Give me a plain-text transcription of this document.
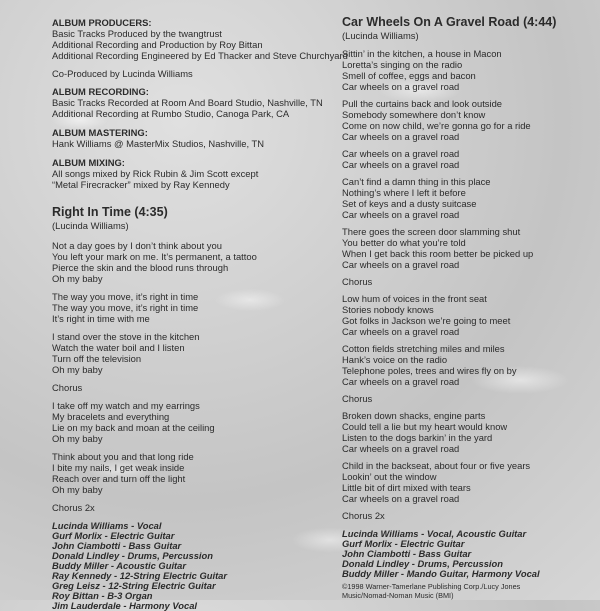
ALBUM PRODUCERS:
Basic Tracks Produced by the twangtrust
Additional Recording and Production by Roy Bittan
Additional Recording Engineered by Ed Thacker and Steve Churchyard
Co-Produced by Lucinda Williams
ALBUM RECORDING:
Basic Tracks Recorded at Room And Board Studio, Nashville, TN
Additional Recording at Rumbo Studio, Canoga Park, CA
ALBUM MASTERING:
Hank Williams @ MasterMix Studios, Nashville, TN
ALBUM MIXING:
All songs mixed by Rick Rubin & Jim Scott except
“Metal Firecracker” mixed by Ray Kennedy
Right In Time (4:35)
(Lucinda Williams)
Not a day goes by I don’t think about you
You left your mark on me. It’s permanent, a tattoo
Pierce the skin and the blood runs through
Oh my baby
The way you move, it’s right in time
The way you move, it’s right in time
It’s right in time with me
I stand over the stove in the kitchen
Watch the water boil and I listen
Turn off the television
Oh my baby
Chorus
I take off my watch and my earrings
My bracelets and everything
Lie on my back and moan at the ceiling
Oh my baby
Think about you and that long ride
I bite my nails, I get weak inside
Reach over and turn off the light
Oh my baby
Chorus 2x
Lucinda Williams - Vocal
Gurf Morlix - Electric Guitar
John Ciambotti - Bass Guitar
Donald Lindley - Drums, Percussion
Buddy Miller - Acoustic Guitar
Ray Kennedy - 12-String Electric Guitar
Greg Leisz - 12-String Electric Guitar
Roy Bittan - B-3 Organ
Jim Lauderdale - Harmony Vocal
Car Wheels On A Gravel Road (4:44)
(Lucinda Williams)
Sittin’ in the kitchen, a house in Macon
Loretta’s singing on the radio
Smell of coffee, eggs and bacon
Car wheels on a gravel road
Pull the curtains back and look outside
Somebody somewhere don’t know
Come on now child, we’re gonna go for a ride
Car wheels on a gravel road
Car wheels on a gravel road
Car wheels on a gravel road
Can’t find a damn thing in this place
Nothing’s where I left it before
Set of keys and a dusty suitcase
Car wheels on a gravel road
There goes the screen door slamming shut
You better do what you’re told
When I get back this room better be picked up
Car wheels on a gravel road
Chorus
Low hum of voices in the front seat
Stories nobody knows
Got folks in Jackson we’re going to meet
Car wheels on a gravel road
Cotton fields stretching miles and miles
Hank’s voice on the radio
Telephone poles, trees and wires fly on by
Car wheels on a gravel road
Chorus
Broken down shacks, engine parts
Could tell a lie but my heart would know
Listen to the dogs barkin’ in the yard
Car wheels on a gravel road
Child in the backseat, about four or five years
Lookin’ out the window
Little bit of dirt mixed with tears
Car wheels on a gravel road
Chorus 2x
Lucinda Williams - Vocal, Acoustic Guitar
Gurf Morlix - Electric Guitar
John Ciambotti - Bass Guitar
Donald Lindley - Drums, Percussion
Buddy Miller - Mando Guitar, Harmony Vocal
©1998 Warner-Tamerlane Publishing Corp./Lucy Jones
Music/Nomad-Noman Music (BMI)
